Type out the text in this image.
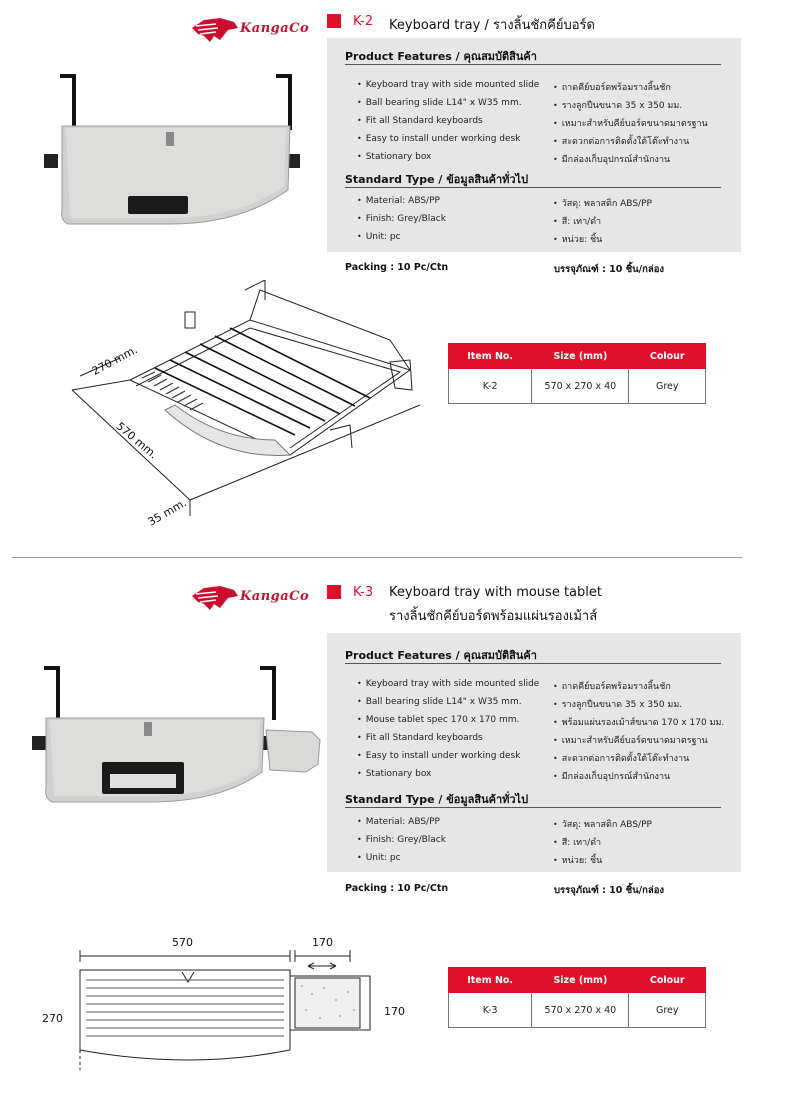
KangaCo	K-2 Keyboard tray / รางลิ้นชักคีย์บอร์ด
Product Features / คุณสมบัติสินค้า
• Keyboard tray with side mounted slide
• Ball bearing slide L14" x W35 mm.
• Fit all Standard keyboards
• Easy to install under working desk
• Stationary box
• ถาดคีย์บอร์ดพร้อมรางลิ้นชัก
• รางลูกปืนขนาด 35 x 350 มม.
• เหมาะสำหรับคีย์บอร์ดขนาดมาตรฐาน
• สะดวกต่อการติดตั้งใต้โต๊ะทำงาน
• มีกล่องเก็บอุปกรณ์สำนักงาน
Standard Type / ข้อมูลสินค้าทั่วไป
• Material: ABS/PP
• Finish: Grey/Black
• Unit: pc
• วัสดุ: พลาสติก ABS/PP
• สี: เทา/ดำ
• หน่วย: ชิ้น
Packing : 10 Pc/Ctn	บรรจุภัณฑ์ : 10 ชิ้น/กล่อง
270 mm.
570 mm.
35 mm.
Item No.	Size (mm)	Colour
K-2	570 x 270 x 40	Grey
KangaCo	K-3 Keyboard tray with mouse tablet
รางลิ้นชักคีย์บอร์ดพร้อมแผ่นรองเม้าส์
Product Features / คุณสมบัติสินค้า
• Keyboard tray with side mounted slide
• Ball bearing slide L14" x W35 mm.
• Mouse tablet spec 170 x 170 mm.
• Fit all Standard keyboards
• Easy to install under working desk
• Stationary box
• ถาดคีย์บอร์ดพร้อมรางลิ้นชัก
• รางลูกปืนขนาด 35 x 350 มม.
• พร้อมแผ่นรองเม้าส์ขนาด 170 x 170 มม.
• เหมาะสำหรับคีย์บอร์ดขนาดมาตรฐาน
• สะดวกต่อการติดตั้งใต้โต๊ะทำงาน
• มีกล่องเก็บอุปกรณ์สำนักงาน
Standard Type / ข้อมูลสินค้าทั่วไป
• Material: ABS/PP
• Finish: Grey/Black
• Unit: pc
• วัสดุ: พลาสติก ABS/PP
• สี: เทา/ดำ
• หน่วย: ชิ้น
Packing : 10 Pc/Ctn	บรรจุภัณฑ์ : 10 ชิ้น/กล่อง
570	170
270
170
Item No.	Size (mm)	Colour
K-3	570 x 270 x 40	Grey
